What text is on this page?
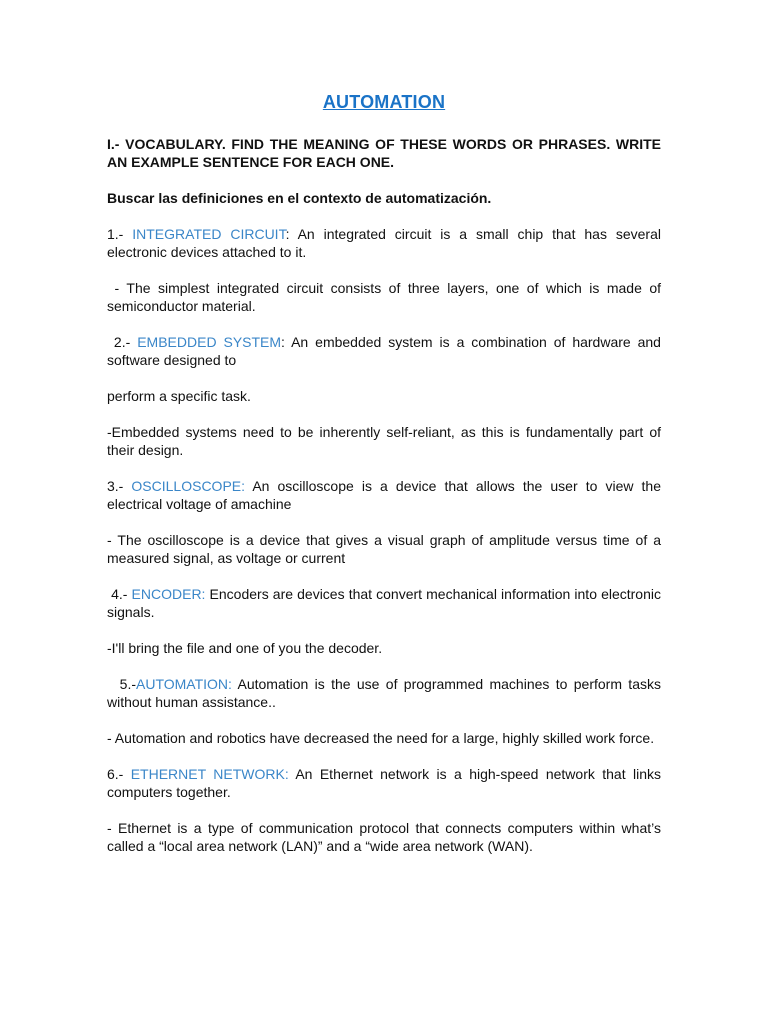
AUTOMATION

I.- VOCABULARY. FIND THE MEANING OF THESE WORDS OR PHRASES. WRITE AN EXAMPLE SENTENCE FOR EACH ONE.

Buscar las definiciones en el contexto de automatización.

1.- INTEGRATED CIRCUIT: An integrated circuit is a small chip that has several electronic devices attached to it.

- The simplest integrated circuit consists of three layers, one of which is made of semiconductor material.

2.- EMBEDDED SYSTEM: An embedded system is a combination of hardware and software designed to

perform a specific task.

-Embedded systems need to be inherently self-reliant, as this is fundamentally part of their design.

3.- OSCILLOSCOPE: An oscilloscope is a device that allows the user to view the electrical voltage of amachine

- The oscilloscope is a device that gives a visual graph of amplitude versus time of a measured signal, as voltage or current

4.- ENCODER: Encoders are devices that convert mechanical information into electronic signals.

-I'll bring the file and one of you the decoder.

5.-AUTOMATION: Automation is the use of programmed machines to perform tasks without human assistance..

- Automation and robotics have decreased the need for a large, highly skilled work force.

6.- ETHERNET NETWORK: An Ethernet network is a high-speed network that links computers together.

- Ethernet is a type of communication protocol that connects computers within what’s called a “local area network (LAN)” and a “wide area network (WAN).
